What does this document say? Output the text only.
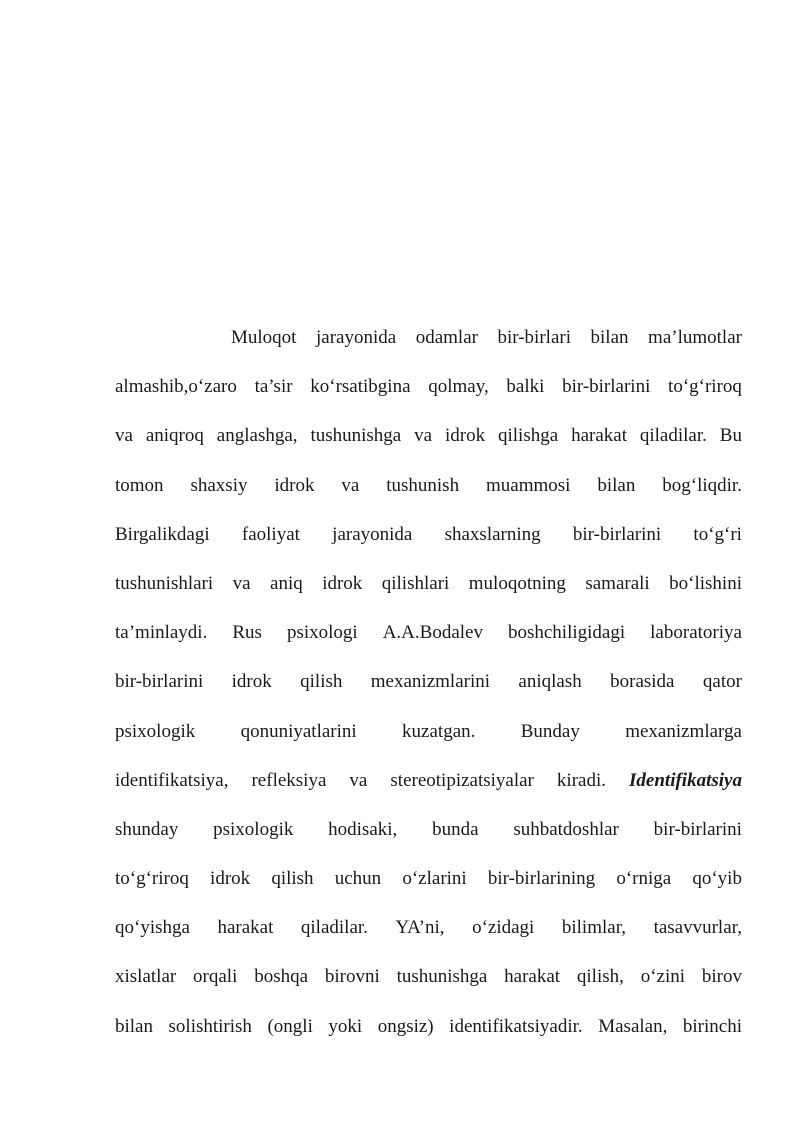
Muloqot jarayonida odamlar bir-birlari bilan ma’lumotlar
almashib,o‘zaro ta’sir ko‘rsatibgina qolmay, balki bir-birlarini to‘g‘riroq
va aniqroq anglashga, tushunishga va idrok qilishga harakat qiladilar. Bu
tomon shaxsiy idrok va tushunish muammosi bilan bog‘liqdir.
Birgalikdagi faoliyat jarayonida shaxslarning bir-birlarini to‘g‘ri
tushunishlari va aniq idrok qilishlari muloqotning samarali bo‘lishini
ta’minlaydi. Rus psixologi A.A.Bodalev boshchiligidagi laboratoriya
bir-birlarini idrok qilish mexanizmlarini aniqlash borasida qator
psixologik qonuniyatlarini kuzatgan. Bunday mexanizmlarga
identifikatsiya, refleksiya va stereotipizatsiyalar kiradi. Identifikatsiya
shunday psixologik hodisaki, bunda suhbatdoshlar bir-birlarini
to‘g‘riroq idrok qilish uchun o‘zlarini bir-birlarining o‘rniga qo‘yib
qo‘yishga harakat qiladilar. YA’ni, o‘zidagi bilimlar, tasavvurlar,
xislatlar orqali boshqa birovni tushunishga harakat qilish, o‘zini birov
bilan solishtirish (ongli yoki ongsiz) identifikatsiyadir. Masalan, birinchi
